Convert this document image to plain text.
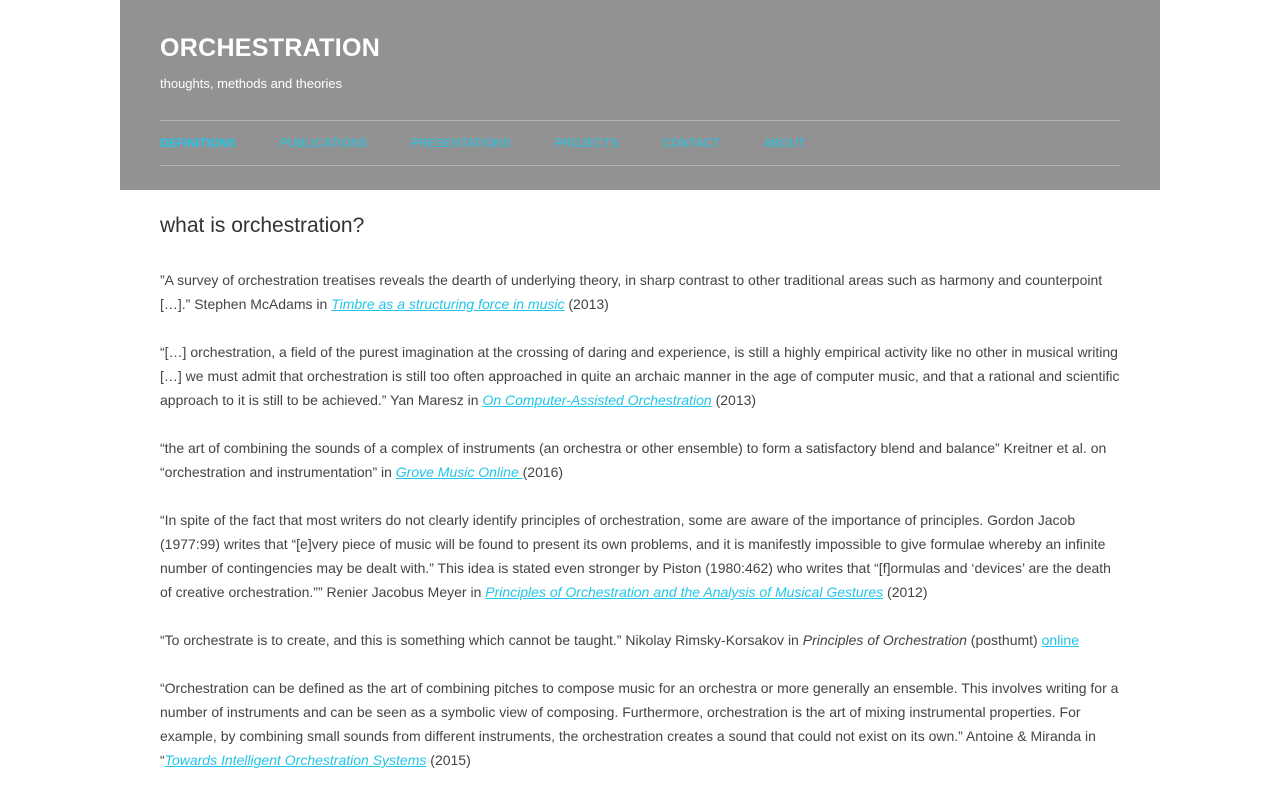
ORCHESTRATION
thoughts, methods and theories
DEFINITIONS	PUBLICATIONS	PRESENTATIONS	PROJECTS	CONTACT	ABOUT
what is orchestration?

”A survey of orchestration treatises reveals the dearth of underlying theory, in sharp contrast to other traditional areas such as harmony and counterpoint […].” Stephen McAdams in Timbre as a structuring force in music (2013)

“[…] orchestration, a field of the purest imagination at the crossing of daring and experience, is still a highly empirical activity like no other in musical writing […] we must admit that orchestration is still too often approached in quite an archaic manner in the age of computer music, and that a rational and scientific approach to it is still to be achieved.” Yan Maresz in On Computer-Assisted Orchestration (2013)

“the art of combining the sounds of a complex of instruments (an orchestra or other ensemble) to form a satisfactory blend and balance” Kreitner et al. on “orchestration and instrumentation” in Grove Music Online (2016)

“In spite of the fact that most writers do not clearly identify principles of orchestration, some are aware of the importance of principles. Gordon Jacob (1977:99) writes that “[e]very piece of music will be found to present its own problems, and it is manifestly impossible to give formulae whereby an infinite number of contingencies may be dealt with.” This idea is stated even stronger by Piston (1980:462) who writes that “[f]ormulas and ‘devices’ are the death of creative orchestration.”” Renier Jacobus Meyer in Principles of Orchestration and the Analysis of Musical Gestures (2012)

“To orchestrate is to create, and this is something which cannot be taught.” Nikolay Rimsky-Korsakov in Principles of Orchestration (posthumt) online

“Orchestration can be defined as the art of combining pitches to compose music for an orchestra or more generally an ensemble. This involves writing for a number of instruments and can be seen as a symbolic view of composing. Furthermore, orchestration is the art of mixing instrumental properties. For example, by combining small sounds from different instruments, the orchestration creates a sound that could not exist on its own.” Antoine & Miranda in “Towards Intelligent Orchestration Systems (2015)
